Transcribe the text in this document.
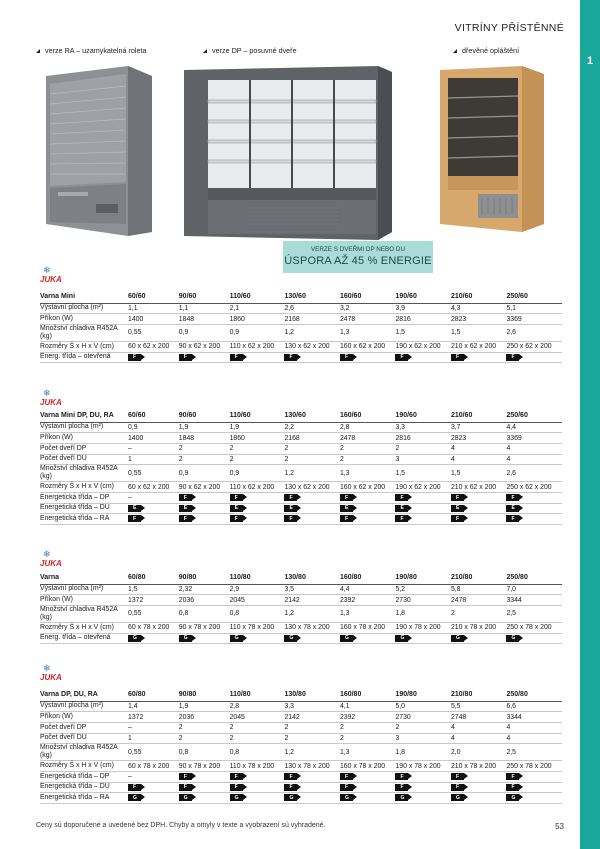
1
VITRÍNY PŘÍSTĚNNÉ
verze RA – uzamykatelná roleta	verze DP – posuvné dveře	dřevěné opláštění
VERZE S DVEŘMI DP NEBO DU
ÚSPORA AŽ 45 % ENERGIE
❄
JUKA
❄
JUKA
❄
JUKA
❄
JUKA
Varna Mini	60/60	90/60	110/60	130/60	160/60	190/60	210/60	250/60
Výstavní plocha (m²)	1,1	1,1	2,1	2,6	3,2	3,9	4,3	5,1
Příkon (W)	1400	1848	1860	2168	2478	2816	2823	3369
Množství chladiva R452A (kg)	0,55	0,9	0,9	1,2	1,3	1,5	1,5	2,6
Rozměry Š x H x V (cm)	60 x 62 x 200	90 x 62 x 200	110 x 62 x 200	130 x 62 x 200	160 x 62 x 200	190 x 62 x 200	210 x 62 x 200	250 x 62 x 200
Energ. třída – otevřená	F	F	F	F	F	F	F	F
Varna Mini DP, DU, RA	60/60	90/60	110/60	130/60	160/60	190/60	210/60	250/60
Výstavní plocha (m²)	0,9	1,9	1,9	2,2	2,8	3,3	3,7	4,4
Příkon (W)	1400	1848	1860	2168	2478	2816	2823	3369
Počet dveří DP	–	2	2	2	2	2	4	4
Počet dveří DU	1	2	2	2	2	3	4	4
Množství chladiva R452A (kg)	0,55	0,9	0,9	1,2	1,3	1,5	1,5	2,6
Rozměry Š x H x V (cm)	60 x 62 x 200	90 x 62 x 200	110 x 62 x 200	130 x 62 x 200	160 x 62 x 200	190 x 62 x 200	210 x 62 x 200	250 x 62 x 200
Energetická třída – DP	–	F	F	F	F	F	F	F

Energetická třída – DU	E	E	E	E	E	E	E	E

Energetická třída – RA	F	F	F	F	F	F	F	F
Varna	60/80	90/80	110/80	130/80	160/80	190/80	210/80	250/80
Výstavní plocha (m²)	1,5	2,32	2,9	3,5	4,4	5,2	5,8	7,0
Příkon (W)	1372	2036	2045	2142	2392	2730	2478	3344
Množství chladiva R452A (kg)	0,55	0,8	0,8	1,2	1,3	1,8	2	2,5
Rozměry Š x H x V (cm)	60 x 78 x 200	90 x 78 x 200	110 x 78 x 200	130 x 78 x 200	160 x 78 x 200	190 x 78 x 200	210 x 78 x 200	250 x 78 x 200
Energ. třída – otevřená	G	G	G	G	G	G	G	G
Varna DP, DU, RA	60/80	90/80	110/80	130/80	160/80	190/80	210/80	250/80
Výstavní plocha (m²)	1,4	1,9	2,8	3,3	4,1	5,0	5,5	6,6
Příkon (W)	1372	2036	2045	2142	2392	2730	2748	3344
Počet dveří DP	–	2	2	2	2	2	4	4
Počet dveří DU	1	2	2	2	2	3	4	4
Množství chladiva R452A (kg)	0,55	0,8	0,8	1,2	1,3	1,8	2,0	2,5
Rozměry Š x H x V (cm)	60 x 78 x 200	90 x 78 x 200	110 x 78 x 200	130 x 78 x 200	160 x 78 x 200	190 x 78 x 200	210 x 78 x 200	250 x 78 x 200
Energetická třída – DP	–	F	F	F	F	F	F	F

Energetická třída – DU	F	F	F	F	F	F	F	F

Energetická třída – RA	G	G	G	G	G	G	G	G
Ceny sú doporučené a uvedené bez DPH. Chyby a omyly v texte a vyobrazení sú vyhradené.	53
